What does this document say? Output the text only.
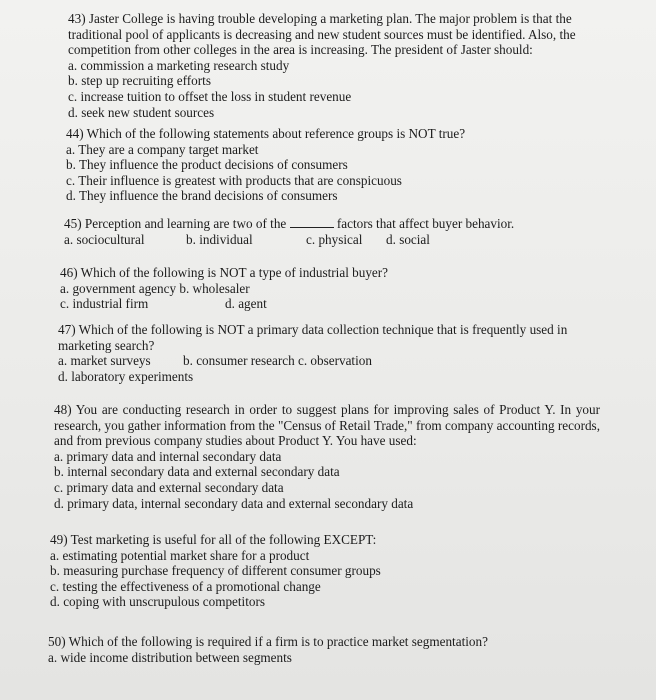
43) Jaster College is having trouble developing a marketing plan. The major problem is that the traditional pool of applicants is decreasing and new student sources must be identified. Also, the competition from other colleges in the area is increasing. The president of Jaster should:

a. commission a marketing research study

b. step up recruiting efforts

c. increase tuition to offset the loss in student revenue

d. seek new student sources

44) Which of the following statements about reference groups is NOT true?

a. They are a company target market

b. They influence the product decisions of consumers

c. Their influence is greatest with products that are conspicuous

d. They influence the brand decisions of consumers

45) Perception and learning are two of the	factors that affect buyer behavior.

a. sociocultural	b. individual	c. physical d. social

46) Which of the following is NOT a type of industrial buyer?

a. government agency b. wholesaler

c. industrial firm	d. agent

47) Which of the following is NOT a primary data collection technique that is frequently used in marketing search?

a. market surveys b. consumer research c. observation

d. laboratory experiments

48) You are conducting research in order to suggest plans for improving sales of Product Y. In your research, you gather information from the "Census of Retail Trade," from company accounting records, and from previous company studies about Product Y. You have used:

a. primary data and internal secondary data

b. internal secondary data and external secondary data

c. primary data and external secondary data

d. primary data, internal secondary data and external secondary data

49) Test marketing is useful for all of the following EXCEPT:

a. estimating potential market share for a product

b. measuring purchase frequency of different consumer groups

c. testing the effectiveness of a promotional change

d. coping with unscrupulous competitors

50) Which of the following is required if a firm is to practice market segmentation?

a. wide income distribution between segments
